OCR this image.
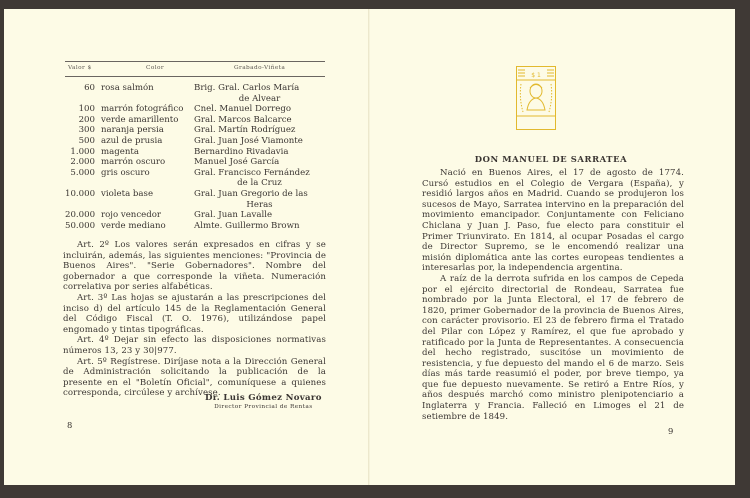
Valor $	Color	Grabado-Viñeta
60 rosa salmón	Brig. Gral. Carlos María
de Alvear
100 marrón fotográfico	Cnel. Manuel Dorrego
200 verde amarillento	Gral. Marcos Balcarce
300 naranja persia	Gral. Martín Rodríguez
500 azul de prusia	Gral. Juan José Viamonte
1.000 magenta	Bernardino Rivadavia
2.000 marrón oscuro	Manuel José García
5.000 gris oscuro	Gral. Francisco Fernández
de la Cruz
10.000 violeta base	Gral. Juan Gregorio de las
Heras
20.000 rojo vencedor	Gral. Juan Lavalle
50.000 verde mediano	Almte. Guillermo Brown

Art. 2º Los valores serán expresados en cifras y se incluirán, además, las siguientes menciones: "Provincia de Buenos Aires". "Serie Gobernadores". Nombre del gobernador a que corresponde la viñeta. Numeración correlativa por series alfabéticas.

Art. 3º Las hojas se ajustarán a las prescripciones del inciso d) del artículo 145 de la Reglamentación General del Código Fiscal (T. O. 1976), utilizándose papel engomado y tintas tipográficas.

Art. 4º Dejar sin efecto las disposiciones normativas números 13, 23 y 30|977.

Art. 5º Regístrese. Diríjase nota a la Dirección General de Administración solicitando la publicación de la presente en el "Boletín Oficial", comuníquese a quienes corresponda, circúlese y archívese.

Dr. Luis Gómez Novaro
Director Provincial de Rentas
8
$ 1
DON MANUEL DE SARRATEA

Nació en Buenos Aires, el 17 de agosto de 1774. Cursó estudios en el Colegio de Vergara (España), y residió largos años en Madrid. Cuando se produjeron los sucesos de Mayo, Sarratea intervino en la preparación del movimiento emancipador. Conjuntamente con Feliciano Chiclana y Juan J. Paso, fue electo para constituir el Primer Triunvirato. En 1814, al ocupar Posadas el cargo de Director Supremo, se le encomendó realizar una misión diplomática ante las cortes europeas tendientes a interesarlas por, la independencia argentina.

A raíz de la derrota sufrida en los campos de Cepeda por el ejército directorial de Rondeau, Sarratea fue nombrado por la Junta Electoral, el 17 de febrero de 1820, primer Gobernador de la provincia de Buenos Aires, con carácter provisorio. El 23 de febrero firma el Tratado del Pilar con López y Ramírez, el que fue aprobado y ratificado por la Junta de Representantes. A consecuencia del hecho registrado, suscitóse un movimiento de resistencia, y fue depuesto del mando el 6 de marzo. Seis días más tarde reasumió el poder, por breve tiempo, ya que fue depuesto nuevamente. Se retiró a Entre Ríos, y años después marchó como ministro plenipotenciario a Inglaterra y Francia. Falleció en Limoges el 21 de setiembre de 1849.

9
